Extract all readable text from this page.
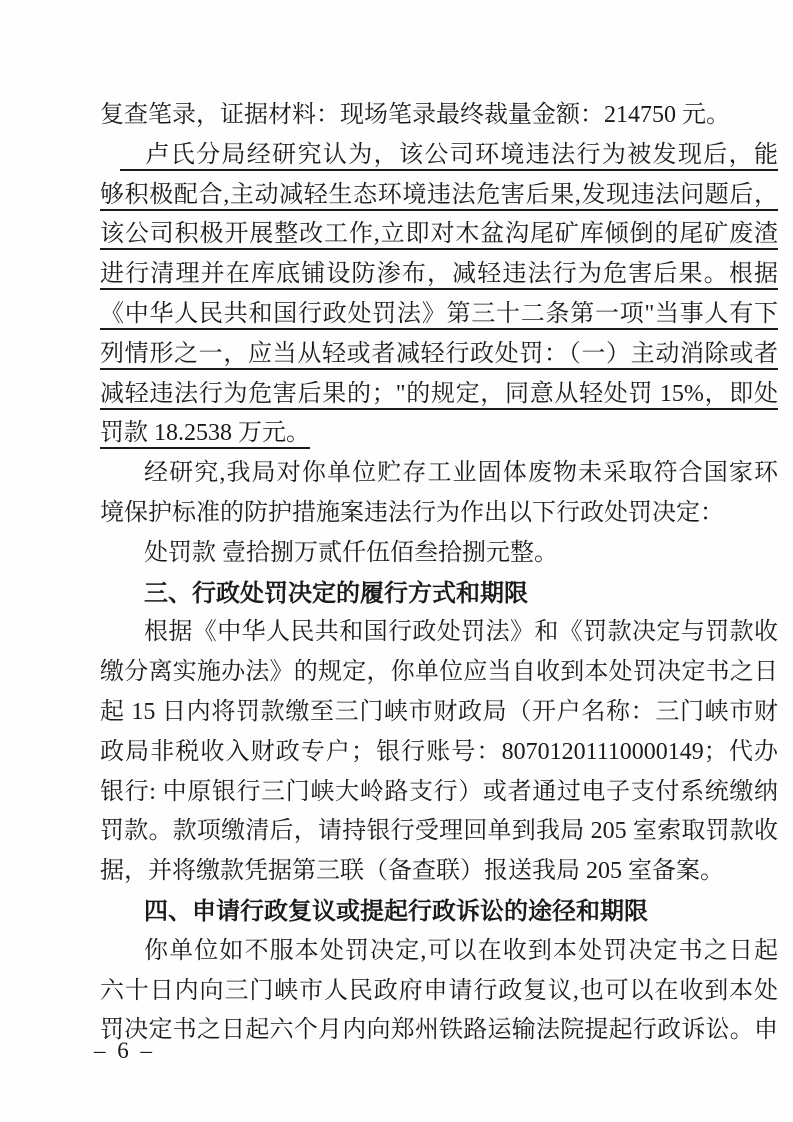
复查笔录，证据材料：现场笔录最终裁量金额：214750 元。
　卢氏分局经研究认为，该公司环境违法行为被发现后，能
够积极配合,主动减轻生态环境违法危害后果,发现违法问题后，
该公司积极开展整改工作,立即对木盆沟尾矿库倾倒的尾矿废渣
进行清理并在库底铺设防渗布，减轻违法行为危害后果。根据
《中华人民共和国行政处罚法》第三十二条第一项"当事人有下
列情形之一，应当从轻或者减轻行政处罚：（一）主动消除或者
减轻违法行为危害后果的；"的规定，同意从轻处罚 15%，即处
罚款 18.2538 万元。
经研究,我局对你单位贮存工业固体废物未采取符合国家环
境保护标准的防护措施案违法行为作出以下行政处罚决定：
处罚款 壹拾捌万贰仟伍佰叁拾捌元整。
三、行政处罚决定的履行方式和期限
根据《中华人民共和国行政处罚法》和《罚款决定与罚款收
缴分离实施办法》的规定，你单位应当自收到本处罚决定书之日
起 15 日内将罚款缴至三门峡市财政局（开户名称：三门峡市财
政局非税收入财政专户；银行账号：80701201110000149；代办
银行: 中原银行三门峡大岭路支行）或者通过电子支付系统缴纳
罚款。款项缴清后，请持银行受理回单到我局 205 室索取罚款收
据，并将缴款凭据第三联（备查联）报送我局 205 室备案。
四、申请行政复议或提起行政诉讼的途径和期限
你单位如不服本处罚决定,可以在收到本处罚决定书之日起
六十日内向三门峡市人民政府申请行政复议,也可以在收到本处
罚决定书之日起六个月内向郑州铁路运输法院提起行政诉讼。申
– 6 –
